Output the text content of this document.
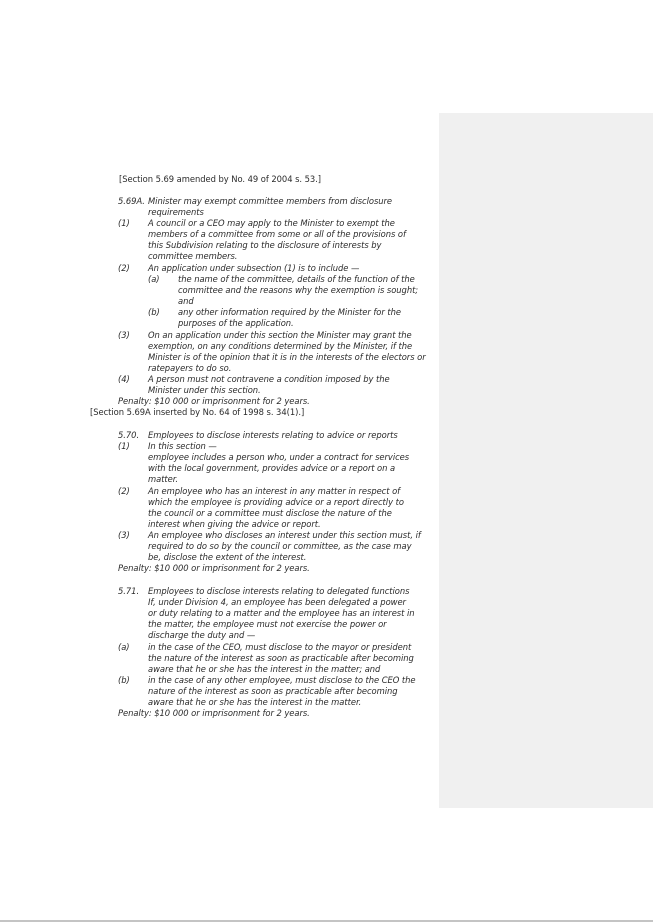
[Section 5.69 amended by No. 49 of 2004 s. 53.]
5.69A. Minister may exempt committee members from disclosure
requirements
(1) A council or a CEO may apply to the Minister to exempt the
members of a committee from some or all of the provisions of
this Subdivision relating to the disclosure of interests by
committee members.
(2) An application under subsection (1) is to include —
(a) the name of the committee, details of the function of the
committee and the reasons why the exemption is sought;
and
(b) any other information required by the Minister for the
purposes of the application.
(3) On an application under this section the Minister may grant the
exemption, on any conditions determined by the Minister, if the
Minister is of the opinion that it is in the interests of the electors or
ratepayers to do so.
(4) A person must not contravene a condition imposed by the
Minister under this section.
Penalty: $10 000 or imprisonment for 2 years.
[Section 5.69A inserted by No. 64 of 1998 s. 34(1).]
5.70. Employees to disclose interests relating to advice or reports
(1) In this section —
employee includes a person who, under a contract for services
with the local government, provides advice or a report on a
matter.
(2) An employee who has an interest in any matter in respect of
which the employee is providing advice or a report directly to
the council or a committee must disclose the nature of the
interest when giving the advice or report.
(3) An employee who discloses an interest under this section must, if
required to do so by the council or committee, as the case may
be, disclose the extent of the interest.
Penalty: $10 000 or imprisonment for 2 years.
5.71. Employees to disclose interests relating to delegated functions
If, under Division 4, an employee has been delegated a power
or duty relating to a matter and the employee has an interest in
the matter, the employee must not exercise the power or
discharge the duty and —
(a) in the case of the CEO, must disclose to the mayor or president
the nature of the interest as soon as practicable after becoming
aware that he or she has the interest in the matter; and
(b) in the case of any other employee, must disclose to the CEO the
nature of the interest as soon as practicable after becoming
aware that he or she has the interest in the matter.
Penalty: $10 000 or imprisonment for 2 years.
